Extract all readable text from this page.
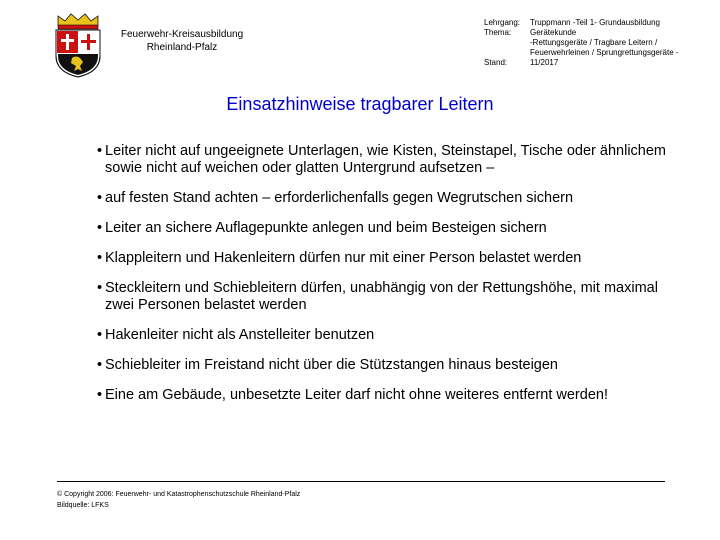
Feuerwehr-Kreisausbildung
Rheinland-Pfalz
Lehrgang:	Truppmann -Teil 1- Grundausbildung
Thema:	Gerätekunde
-Rettungsgeräte / Tragbare Leitern /
Feuerwehrleinen / Sprungrettungsgeräte -
Stand:	11/2017
Einsatzhinweise tragbarer Leitern
• Leiter nicht auf ungeeignete Unterlagen, wie Kisten, Steinstapel, Tische oder ähnlichem sowie nicht auf weichen oder glatten Untergrund aufsetzen –
• auf festen Stand achten – erforderlichenfalls gegen Wegrutschen sichern
• Leiter an sichere Auflagepunkte anlegen und beim Besteigen sichern
• Klappleitern und Hakenleitern dürfen nur mit einer Person belastet werden
• Steckleitern und Schiebleitern dürfen, unabhängig von der Rettungshöhe, mit maximal zwei Personen belastet werden
• Hakenleiter nicht als Anstelleiter benutzen
• Schiebleiter im Freistand nicht über die Stützstangen hinaus besteigen
• Eine am Gebäude, unbesetzte Leiter darf nicht ohne weiteres entfernt werden!
© Copyright 2006: Feuerwehr- und Katastrophenschutzschule Rheinland-Pfalz
Bildquelle: LFKS
